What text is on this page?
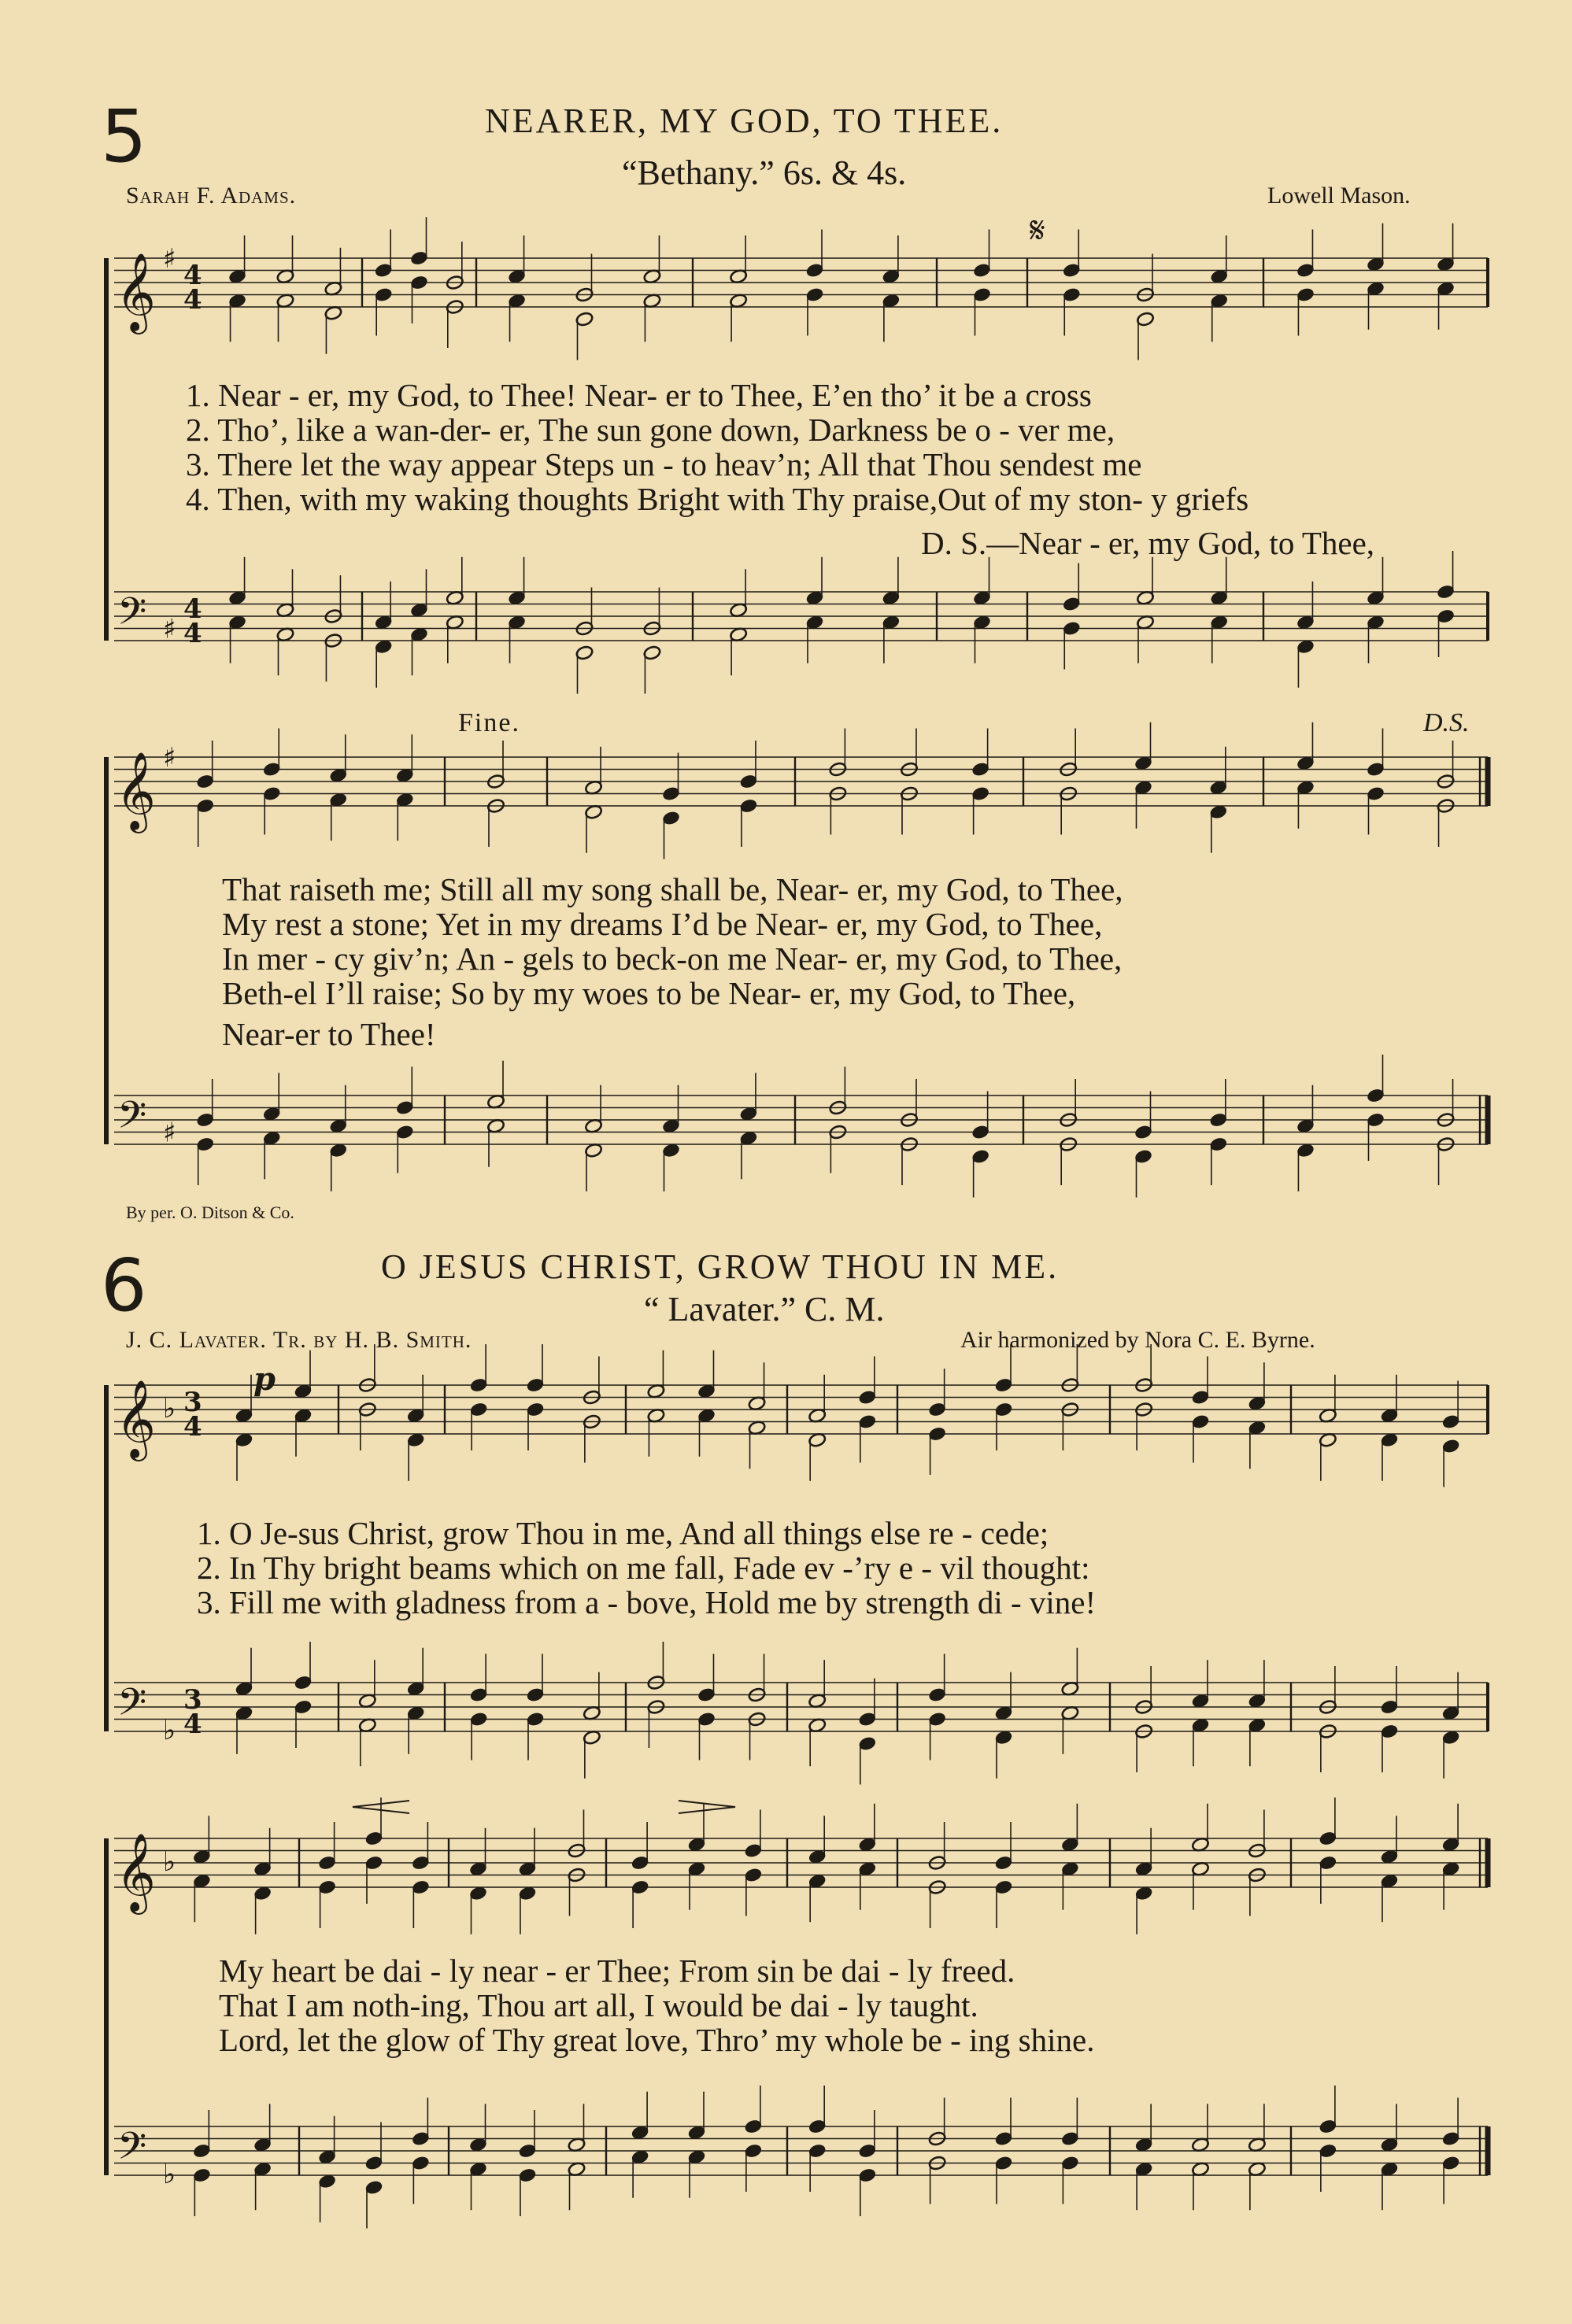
5	NEARER, MY GOD, TO THEE.
“Bethany.” 6s. & 4s.
Sarah F. Adams.	Lowell Mason.
1. Near - er, my God, to Thee! Near- er to Thee, E’en tho’ it be a cross
2. Tho’, like a wan-der- er, The sun gone down, Darkness be o - ver me,
3. There let the way appear Steps un - to heav’n; All that Thou sendest me
4. Then, with my waking thoughts Bright with Thy praise,Out of my ston- y griefs
D. S.—Near - er, my God, to Thee,
Fine.	D.S.
That raiseth me; Still all my song shall be, Near- er, my God, to Thee,
My rest a stone; Yet in my dreams I’d be Near- er, my God, to Thee,
In mer - cy giv’n; An - gels to beck-on me Near- er, my God, to Thee,
Beth-el I’ll raise; So by my woes to be Near- er, my God, to Thee,
Near-er to Thee!
By per. O. Ditson & Co.
6	O JESUS CHRIST, GROW THOU IN ME.
“ Lavater.” C. M.
J. C. Lavater. Tr. by H. B. Smith.	Air harmonized by Nora C. E. Byrne.
1. O Je-sus Christ, grow Thou in me, And all things else re - cede;
2. In Thy bright beams which on me fall, Fade ev -’ry e - vil thought:
3. Fill me with gladness from a - bove, Hold me by strength di - vine!
My heart be dai - ly near - er Thee; From sin be dai - ly freed.
That I am noth-ing, Thou art all, I would be dai - ly taught.
Lord, let the glow of Thy great love, Thro’ my whole be - ing shine.
𝄞
𝄢
♯
♯
4
4
4
4
𝄋
𝄞
𝄢
♯
♯
𝄞
𝄢
♭
♭
3
4
3
4
p
𝄞
𝄢
♭
♭
